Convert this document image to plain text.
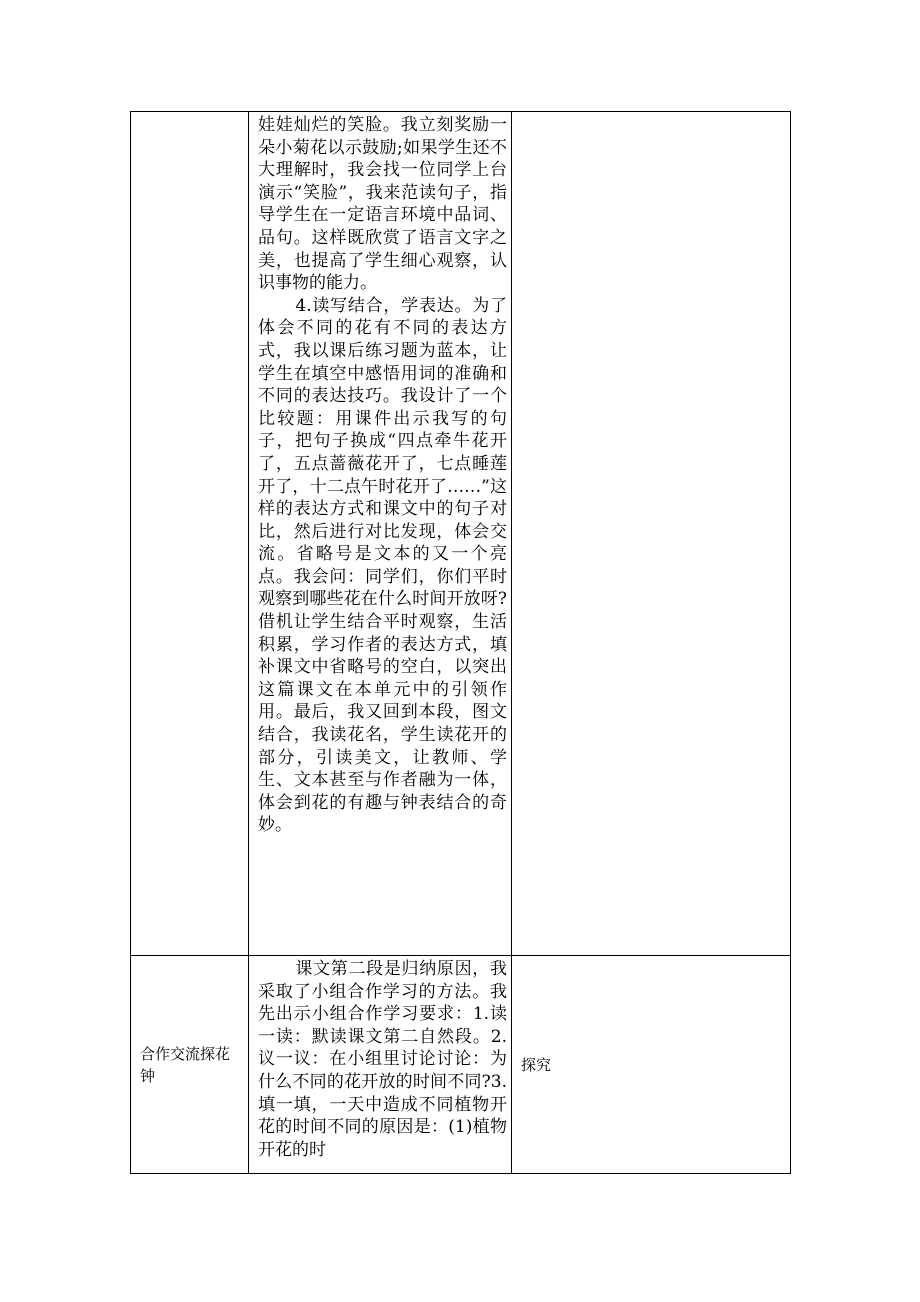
	娃娃灿烂的笑脸。我立刻奖励一朵小菊花以示鼓励;如果学生还不大理解时，我会找一位同学上台演示“笑脸”，我来范读句子，指导学生在一定语言环境中品词、品句。这样既欣赏了语言文字之美，也提高了学生细心观察，认识事物的能力。

4.读写结合，学表达。为了体会不同的花有不同的表达方式，我以课后练习题为蓝本，让学生在填空中感悟用词的准确和不同的表达技巧。我设计了一个比较题：用课件出示我写的句子，把句子换成“四点牵牛花开了，五点蔷薇花开了，七点睡莲开了，十二点午时花开了……”这样的表达方式和课文中的句子对比，然后进行对比发现，体会交流。省略号是文本的又一个亮点。我会问：同学们，你们平时观察到哪些花在什么时间开放呀?借机让学生结合平时观察，生活积累，学习作者的表达方式，填补课文中省略号的空白，以突出这篇课文在本单元中的引领作用。最后，我又回到本段，图文结合，我读花名，学生读花开的部分，引读美文，让教师、学生、文本甚至与作者融为一体，体会到花的有趣与钟表结合的奇妙。	

合作交流探花钟	课文第二段是归纳原因，我采取了小组合作学习的方法。我先出示小组合作学习要求：1.读一读：默读课文第二自然段。2.议一议：在小组里讨论讨论：为什么不同的花开放的时间不同?3.填一填，一天中造成不同植物开花的时间不同的原因是：(1)植物开花的时	探究
